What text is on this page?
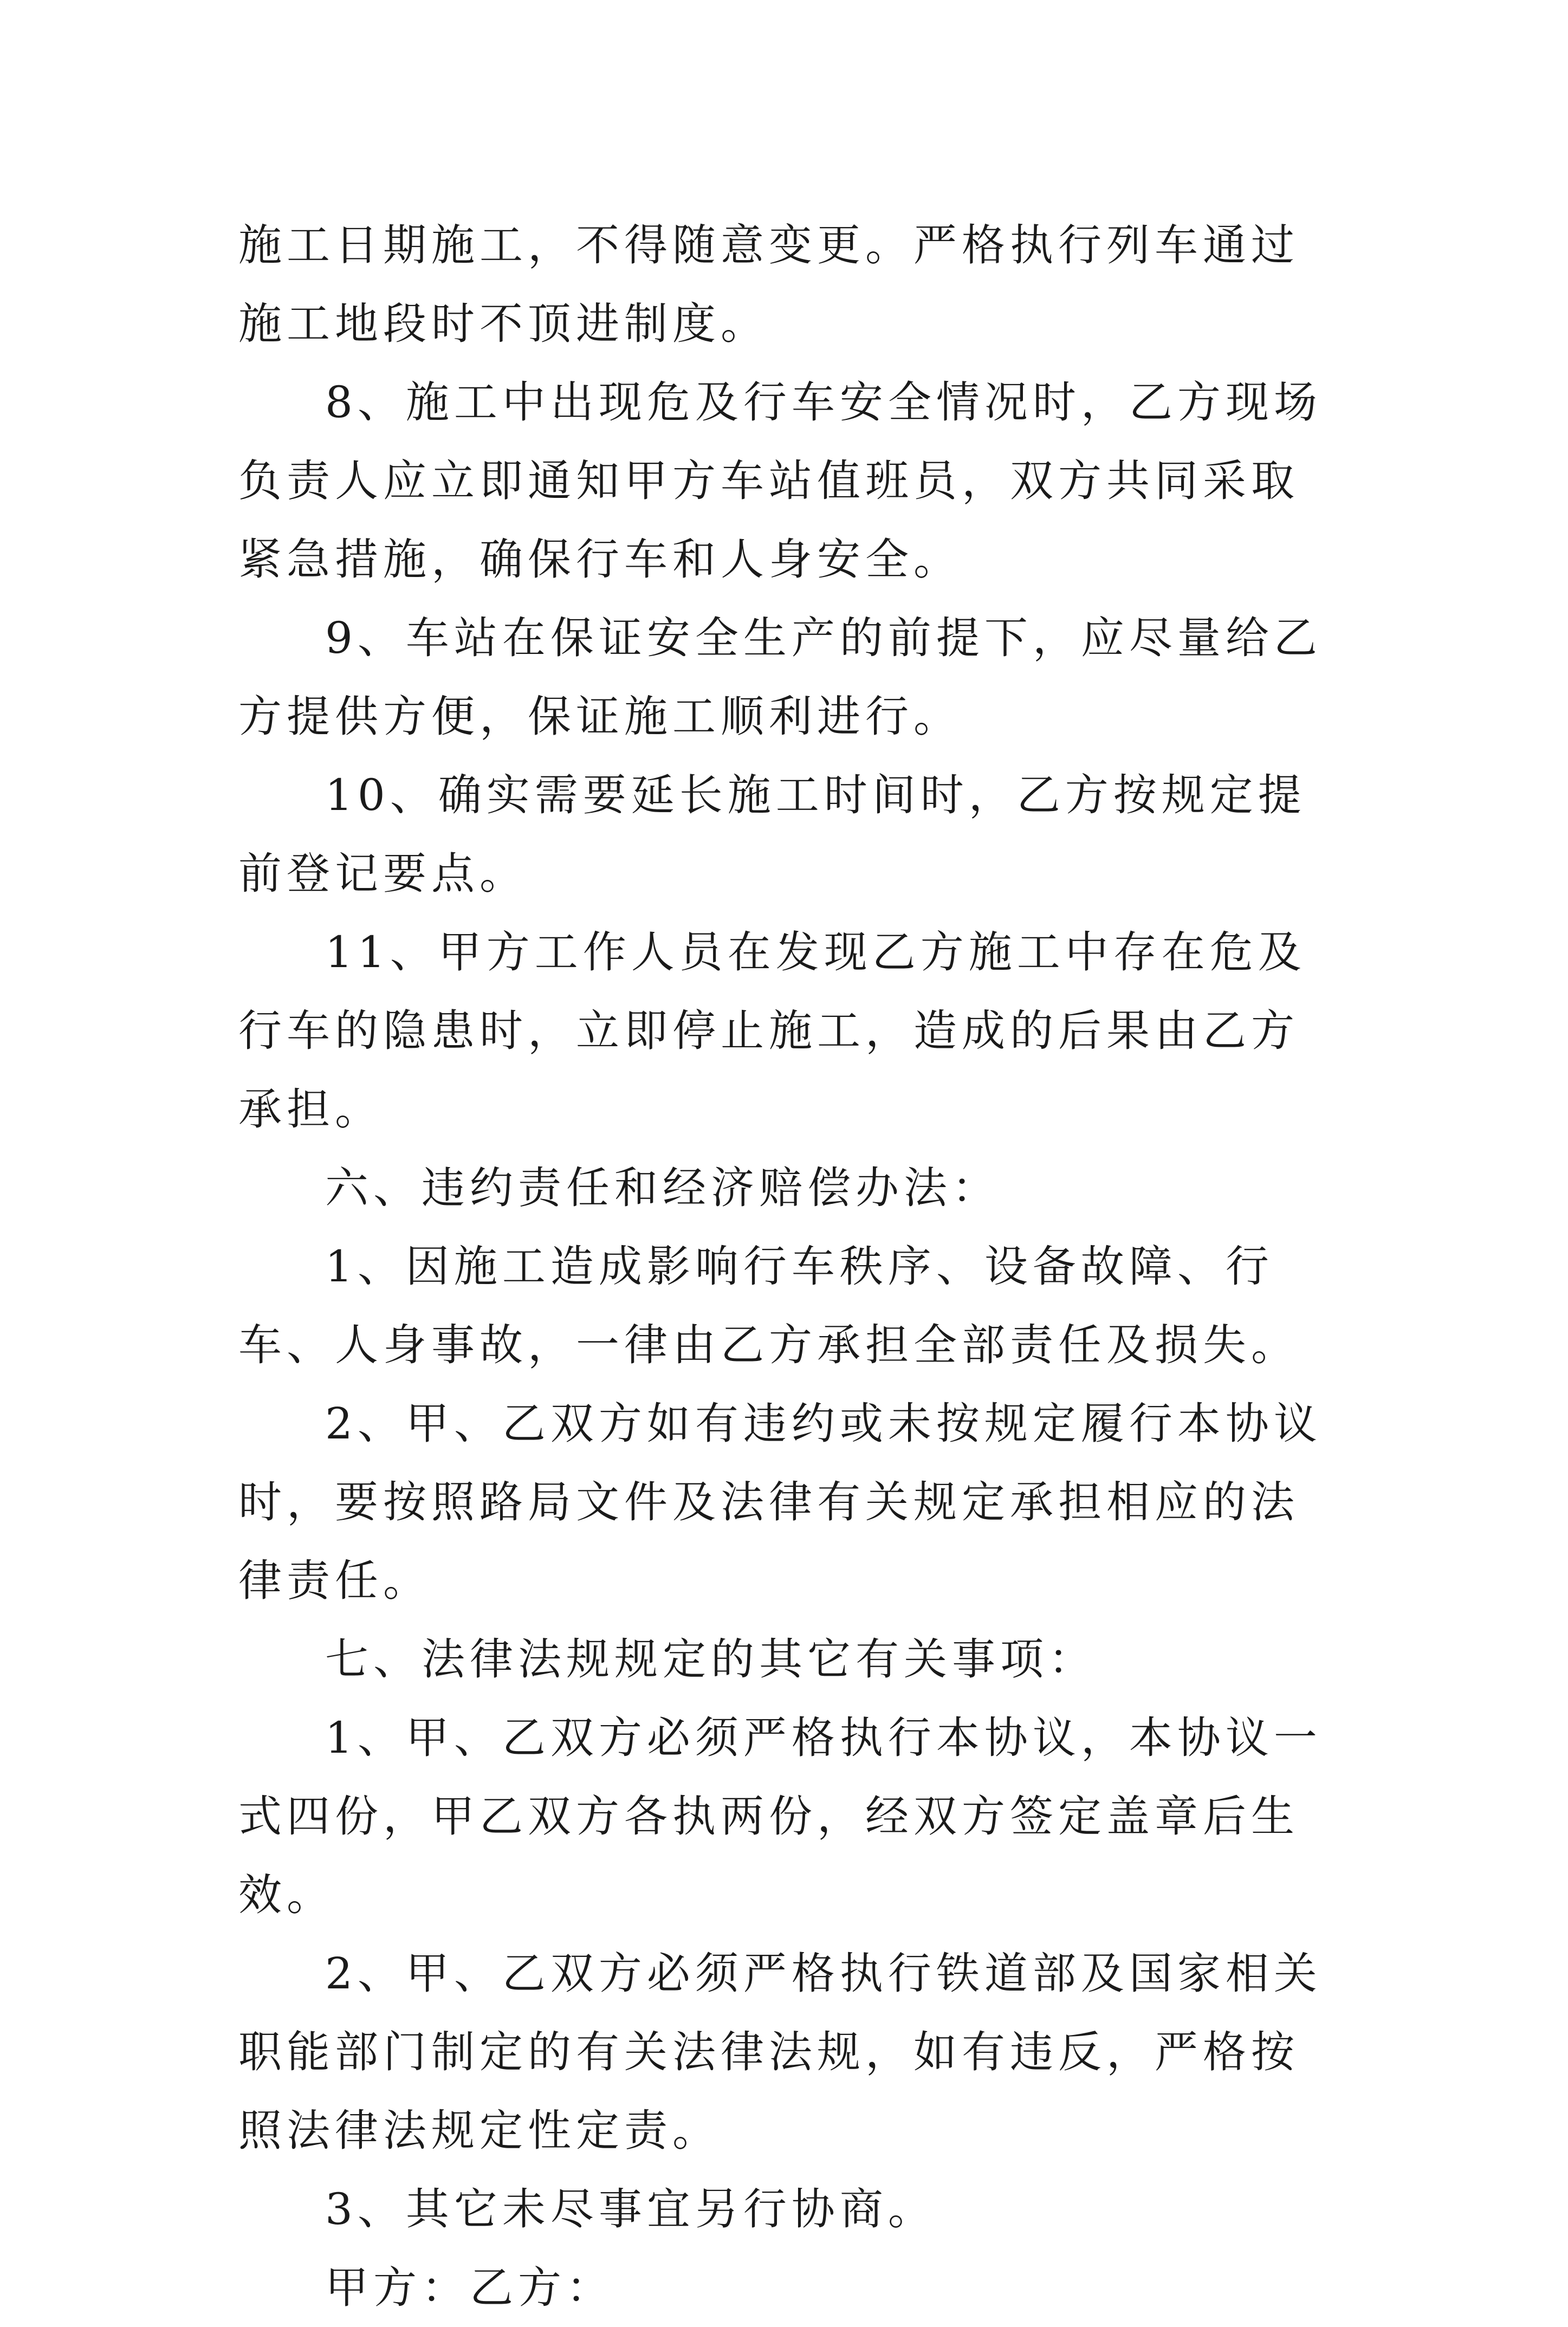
施工日期施工，不得随意变更。严格执行列车通过施工地段时不顶进制度。

8、施工中出现危及行车安全情况时，乙方现场负责人应立即通知甲方车站值班员，双方共同采取紧急措施，确保行车和人身安全。

9、车站在保证安全生产的前提下，应尽量给乙方提供方便，保证施工顺利进行。

10、确实需要延长施工时间时，乙方按规定提前登记要点。

11、甲方工作人员在发现乙方施工中存在危及行车的隐患时，立即停止施工，造成的后果由乙方承担。

六、违约责任和经济赔偿办法：

1、因施工造成影响行车秩序、设备故障、行车、人身事故，一律由乙方承担全部责任及损失。

2、甲、乙双方如有违约或未按规定履行本协议时，要按照路局文件及法律有关规定承担相应的法律责任。

七、法律法规规定的其它有关事项：

1、甲、乙双方必须严格执行本协议，本协议一式四份，甲乙双方各执两份，经双方签定盖章后生效。

2、甲、乙双方必须严格执行铁道部及国家相关职能部门制定的有关法律法规，如有违反，严格按照法律法规定性定责。

3、其它未尽事宜另行协商。

甲方：乙方：
